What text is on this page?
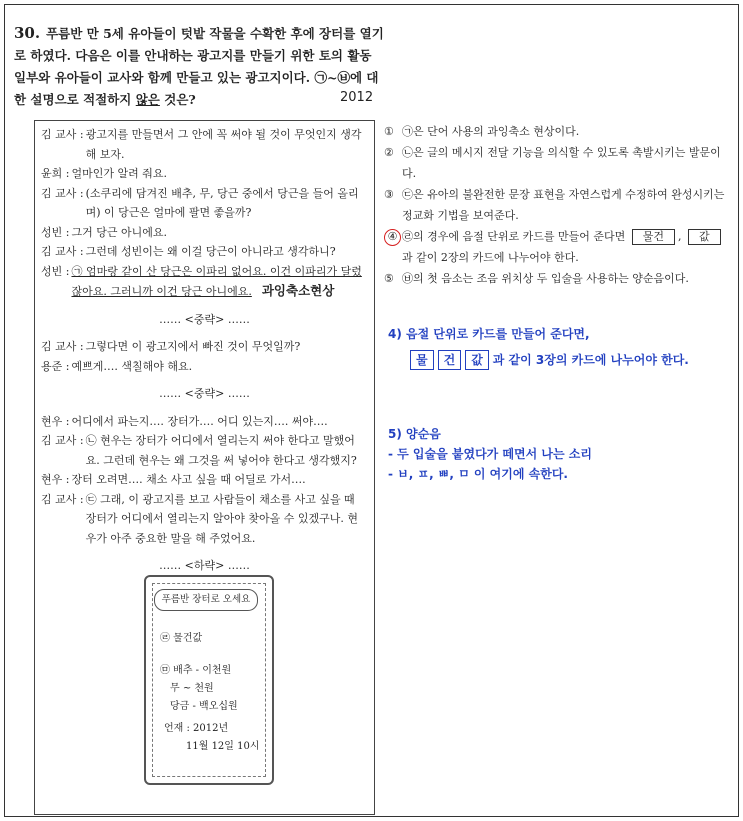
30. 푸름반 만 5세 유아들이 텃밭 작물을 수확한 후에 장터를 열기로 하였다. 다음은 이를 안내하는 광고지를 만들기 위한 토의 활동 일부와 유아들이 교사와 함께 만들고 있는 광고지이다. ㉠~㉥에 대한 설명으로 적절하지 않은 것은?	2012
김 교사 : 광고지를 만들면서 그 안에 꼭 써야 될 것이 무엇인지 생각해 보자.
윤희 : 얼마인가 알려 줘요.
김 교사 : (소쿠리에 담겨진 배추, 무, 당근 중에서 당근을 들어 올리며) 이 당근은 얼마에 팔면 좋을까?
성빈 : 그거 당근 아니에요.
김 교사 : 그런데 성빈이는 왜 이걸 당근이 아니라고 생각하니?
성빈 : ㉠ 엄마랑 같이 산 당근은 이파리 없어요. 이건 이파리가 달렸잖아요. 그러니까 이건 당근 아니에요. 과잉축소현상
…… <중략> ……
김 교사 : 그렇다면 이 광고지에서 빠진 것이 무엇일까?
용준 : 예쁘게…. 색칠해야 해요.
…… <중략> ……
현우 : 어디에서 파는지…. 장터가…. 어디 있는지…. 써야….
김 교사 : ㉡ 현우는 장터가 어디에서 열리는지 써야 한다고 말했어요. 그런데 현우는 왜 그것을 써 넣어야 한다고 생각했지?
현우 : 장터 오려면…. 채소 사고 싶을 때 어딜로 가서….
김 교사 : ㉢ 그래, 이 광고지를 보고 사람들이 채소를 사고 싶을 때 장터가 어디에서 열리는지 알아야 찾아올 수 있겠구나. 현우가 아주 중요한 말을 해 주었어요.
…… <하략> ……
푸름반 장터로 오세요
㉣ 물건값
㉤ 배추 - 이천원
무 ~ 천원
당금 - 백오십원
언재 : 2012년
11월 12일 10시
① ㉠은 단어 사용의 과잉축소 현상이다.
② ㉡은 글의 메시지 전달 기능을 의식할 수 있도록 촉발시키는 발문이다.
③ ㉢은 유아의 불완전한 문장 표현을 자연스럽게 수정하여 완성시키는 정교화 기법을 보여준다.
④ ㉣의 경우에 음절 단위로 카드를 만들어 준다면 물건 , 값 과 같이 2장의 카드에 나누어야 한다.
⑤ ㉥의 첫 음소는 조음 위치상 두 입술을 사용하는 양순음이다.
4) 음절 단위로 카드를 만들어 준다면,
물 건 값 과 같이 3장의 카드에 나누어야 한다.
5) 양순음
- 두 입술을 붙였다가 떼면서 나는 소리
- ㅂ, ㅍ, ㅃ, ㅁ 이 여기에 속한다.
